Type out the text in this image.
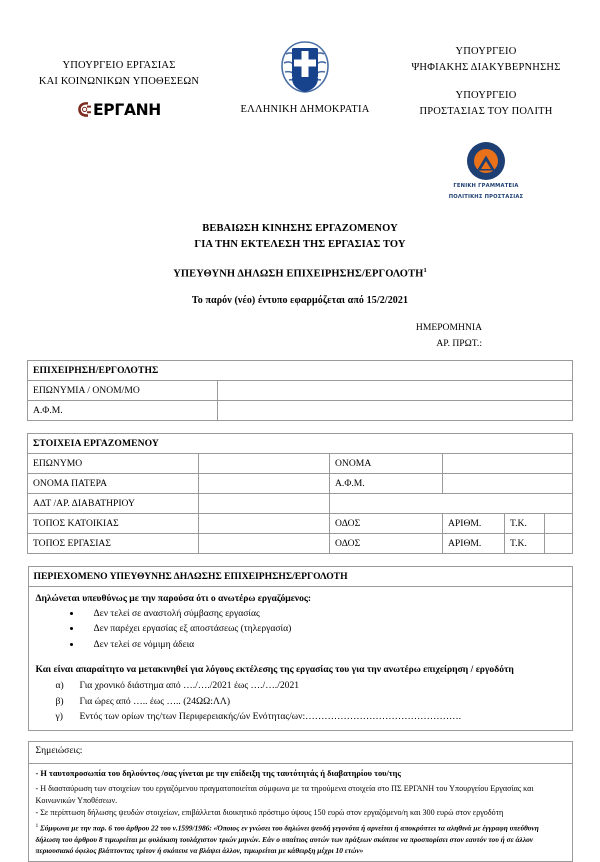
ΥΠΟΥΡΓΕΙΟ ΕΡΓΑΣΙΑΣ
ΚΑΙ ΚΟΙΝΩΝΙΚΩΝ ΥΠΟΘΕΣΕΩΝ
ΕΡΓΑΝΗ	ΕΛΛΗΝΙΚΗ ΔΗΜΟΚΡΑΤΙΑ
ΥΠΟΥΡΓΕΙΟ
ΨΗΦΙΑΚΗΣ ΔΙΑΚΥΒΕΡΝΗΣΗΣ
ΥΠΟΥΡΓΕΙΟ
ΠΡΟΣΤΑΣΙΑΣ ΤΟΥ ΠΟΛΙΤΗ
ΓΕΝΙΚΗ ΓΡΑΜΜΑΤΕΙΑ
ΠΟΛΙΤΙΚΗΣ ΠΡΟΣΤΑΣΙΑΣ
ΒΕΒΑΙΩΣΗ ΚΙΝΗΣΗΣ ΕΡΓΑΖΟΜΕΝΟΥ
ΓΙΑ ΤΗΝ ΕΚΤΕΛΕΣΗ ΤΗΣ ΕΡΓΑΣΙΑΣ ΤΟΥ
ΥΠΕΥΘΥΝΗ ΔΗΛΩΣΗ ΕΠΙΧΕΙΡΗΣΗΣ/ΕΡΓΟΛΟΤΗ$^1$
Το παρόν (νέο) έντυπο εφαρμόζεται από 15/2/2021
ΗΜΕΡΟΜΗΝΙΑ
ΑΡ. ΠΡΩΤ.:
ΕΠΙΧΕΙΡΗΣΗ/ΕΡΓΟΛΟΤΗΣ	
ΕΠΩΝΥΜΙΑ / ΟΝΟΜ/ΜΟ	
Α.Φ.Μ.	
ΣΤΟΙΧΕΙΑ ΕΡΓΑΖΟΜΕΝΟΥ					
ΕΠΩΝΥΜΟ		ΟΝΟΜΑ			
ΟΝΟΜΑ ΠΑΤΕΡΑ		Α.Φ.Μ.			
ΑΔΤ /ΑΡ. ΔΙΑΒΑΤΗΡΙΟΥ					
ΤΟΠΟΣ ΚΑΤΟΙΚΙΑΣ		ΟΔΟΣ	ΑΡΙΘΜ.	Τ.Κ.	
ΤΟΠΟΣ ΕΡΓΑΣΙΑΣ		ΟΔΟΣ	ΑΡΙΘΜ.	Τ.Κ.	
ΠΕΡΙΕΧΟΜΕΝΟ ΥΠΕΥΘΥΝΗΣ ΔΗΛΩΣΗΣ ΕΠΙΧΕΙΡΗΣΗΣ/ΕΡΓΟΛΟΤΗ

Δηλώνεται υπευθύνως με την παρούσα ότι ο ανωτέρω εργαζόμενος:

• Δεν τελεί σε αναστολή σύμβασης εργασίας
• Δεν παρέχει εργασίας εξ αποστάσεως (τηλεργασία)
• Δεν τελεί σε νόμιμη άδεια

Και είναι απαραίτητο να μετακινηθεί για λόγους εκτέλεσης της εργασίας του για την ανωτέρω επιχείρηση / εργοδότη

α)	Για χρονικό διάστημα από …./…./2021 έως …./…./2021
β)	Για ώρες από ….. έως ….. (24ΩΩ:ΛΛ)
γ)	Εντός των ορίων της/των Περιφερειακής/ών Ενότητας/ων:………………………………………….
Σημειώσεις:

- Η ταυτοπροσωπία του δηλούντος /σας γίνεται με την επίδειξη της ταυτότητάς ή διαβατηρίου του/της

- Η διασταύρωση των στοιχείων του εργαζόμενου πραγματοποιείται σύμφωνα με τα τηρούμενα στοιχεία στο ΠΣ ΕΡΓΑΝΗ του Υπουργείου Εργασίας και Κοινωνικών Υποθέσεων.

- Σε περίπτωση δήλωσης ψευδών στοιχείων, επιβάλλεται διοικητικό πρόστιμο ύψους 150 ευρώ στον εργαζόμενο/η και 300 ευρώ στον εργοδότη

$^1$ Σύμφωνα με την παρ. 6 του άρθρου 22 του ν.1599/1986: «Όποιος εν γνώσει του δηλώνει ψευδή γεγονότα ή αρνείται ή αποκρύπτει τα αληθινά με έγγραφη υπεύθυνη δήλωση του άρθρου 8 τιμωρείται με φυλάκιση τουλάχιστον τριών μηνών. Εάν ο υπαίτιος αυτών των πράξεων σκόπευε να προσπορίσει στον εαυτόν του ή σε άλλον περιουσιακό όφελος βλάπτοντας τρίτον ή σκόπευε να βλάψει άλλον, τιμωρείται με κάθειρξη μέχρι 10 ετών»
